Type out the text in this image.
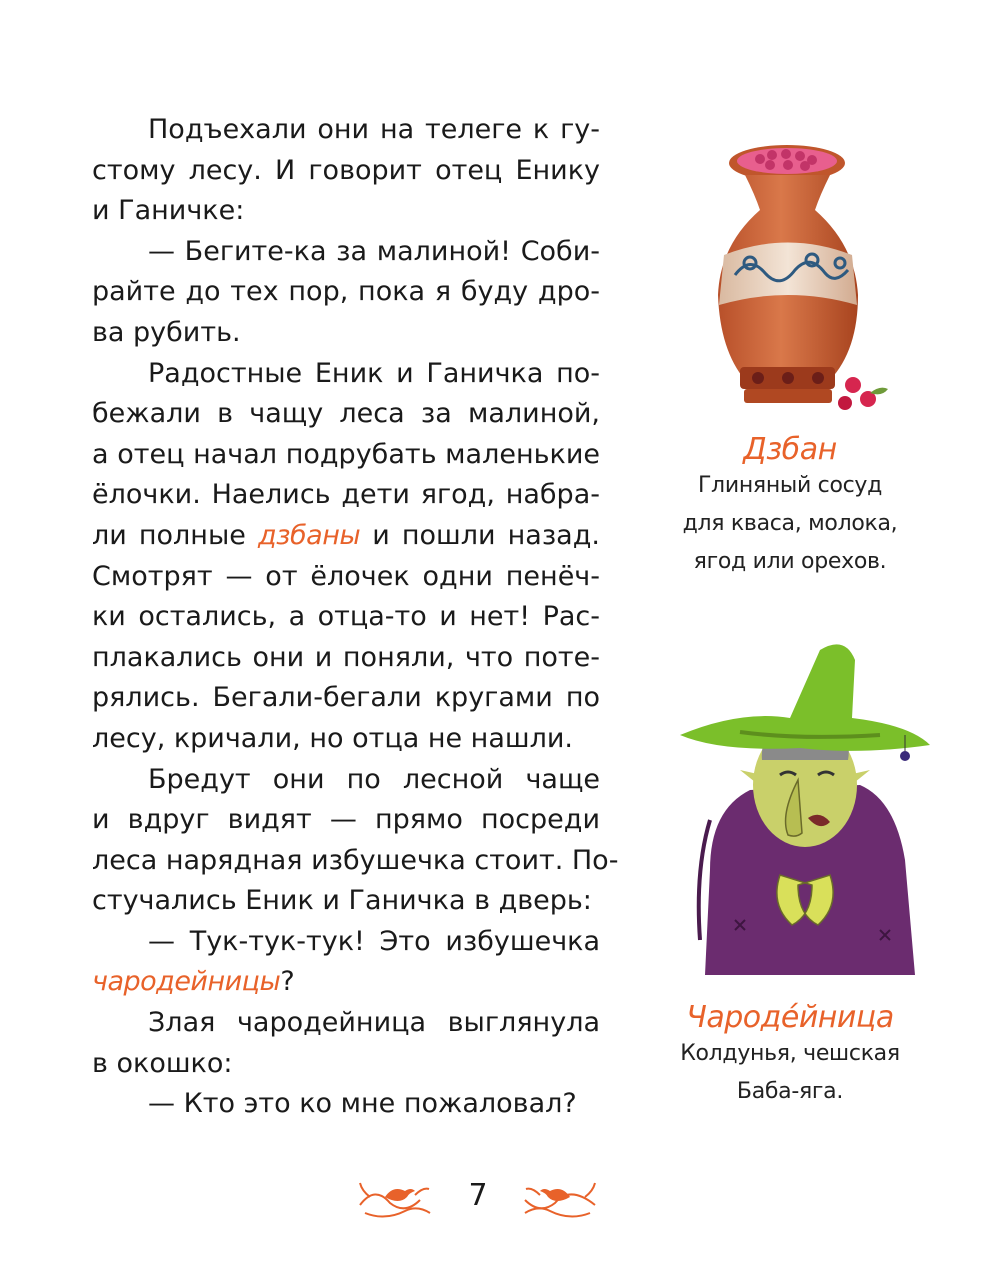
Подъехали они на телеге к гу-
стому лесу. И говорит отец Енику
и Ганичке:
— Бегите-ка за малиной! Соби-
райте до тех пор, пока я буду дро-
ва рубить.
Радостные Еник и Ганичка по-
бежали в чащу леса за малиной,
а отец начал подрубать маленькие
ёлочки. Наелись дети ягод, набра-
ли полные дзбаны и пошли назад.
Смотрят — от ёлочек одни пенёч-
ки остались, а отца-то и нет! Рас-
плакались они и поняли, что поте-
рялись. Бегали-бегали кругами по
лесу, кричали, но отца не нашли.
Бредут они по лесной чаще
и вдруг видят — прямо посреди
леса нарядная избушечка стоит. По-
стучались Еник и Ганичка в дверь:
— Тук-тук-тук! Это избушечка
чародейницы?
Злая чародейница выглянула
в окошко:
— Кто это ко мне пожаловал?
Дзбан
Глиняный сосуд
для кваса, молока,
ягод или орехов.
Чародéйница
Колдунья, чешская
Баба-яга.
7
